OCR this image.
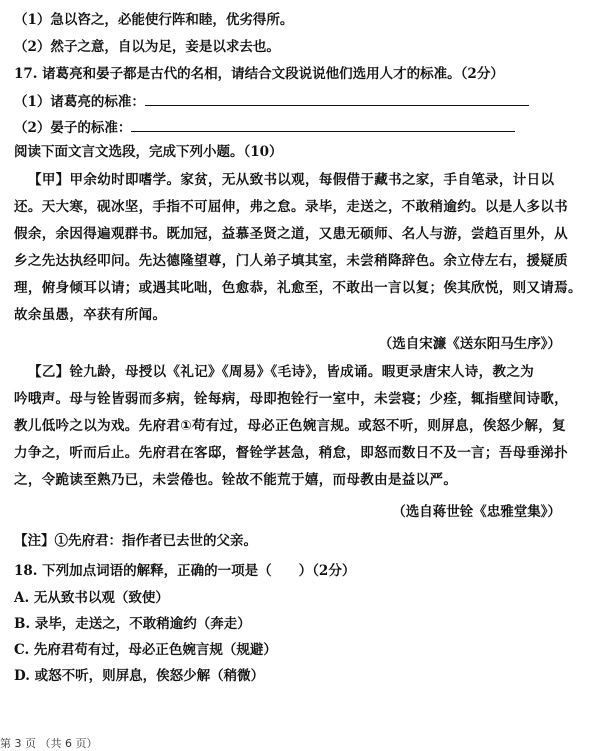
（1）急以咨之，必能使行阵和睦，优劣得所。
（2）然子之意，自以为足，妾是以求去也。
17. 诸葛亮和晏子都是古代的名相，请结合文段说说他们选用人才的标准。（2分）
（1）诸葛亮的标准：
（2）晏子的标准：
阅读下面文言文选段，完成下列小题。（10）
【甲】甲余幼时即嗜学。家贫，无从致书以观，每假借于藏书之家，手自笔录，计日以
还。天大寒，砚冰坚，手指不可屈伸，弗之怠。录毕，走送之，不敢稍逾约。以是人多以书
假余，余因得遍观群书。既加冠，益慕圣贤之道，又患无硕师、名人与游，尝趋百里外，从
乡之先达执经叩问。先达德隆望尊，门人弟子填其室，未尝稍降辞色。余立侍左右，援疑质
理，俯身倾耳以请；或遇其叱咄，色愈恭，礼愈至，不敢出一言以复；俟其欣悦，则又请焉。
故余虽愚，卒获有所闻。
（选自宋濂《送东阳马生序》）
【乙】铨九龄，母授以《礼记》《周易》《毛诗》，皆成诵。暇更录唐宋人诗，教之为
吟哦声。母与铨皆弱而多病，铨每病，母即抱铨行一室中，未尝寝；少痊，辄指壁间诗歌，
教儿低吟之以为戏。先府君①苟有过，母必正色婉言规。或怒不听，则屏息，俟怒少解，复
力争之，听而后止。先府君在客邸，督铨学甚急，稍怠，即怒而数日不及一言；吾母垂涕扑
之，令跪读至熟乃已，未尝倦也。铨故不能荒于嬉，而母教由是益以严。
（选自蒋世铨《忠雅堂集》）
【注】①先府君：指作者已去世的父亲。
18. 下列加点词语的解释，正确的一项是（　　）（2分）
A. 无从致书以观（致使）
B. 录毕，走送之，不敢稍逾约（奔走）
C. 先府君苟有过，母必正色婉言规（规避）
D. 或怒不听，则屏息，俟怒少解（稍微）
第 3 页 （共 6 页）
